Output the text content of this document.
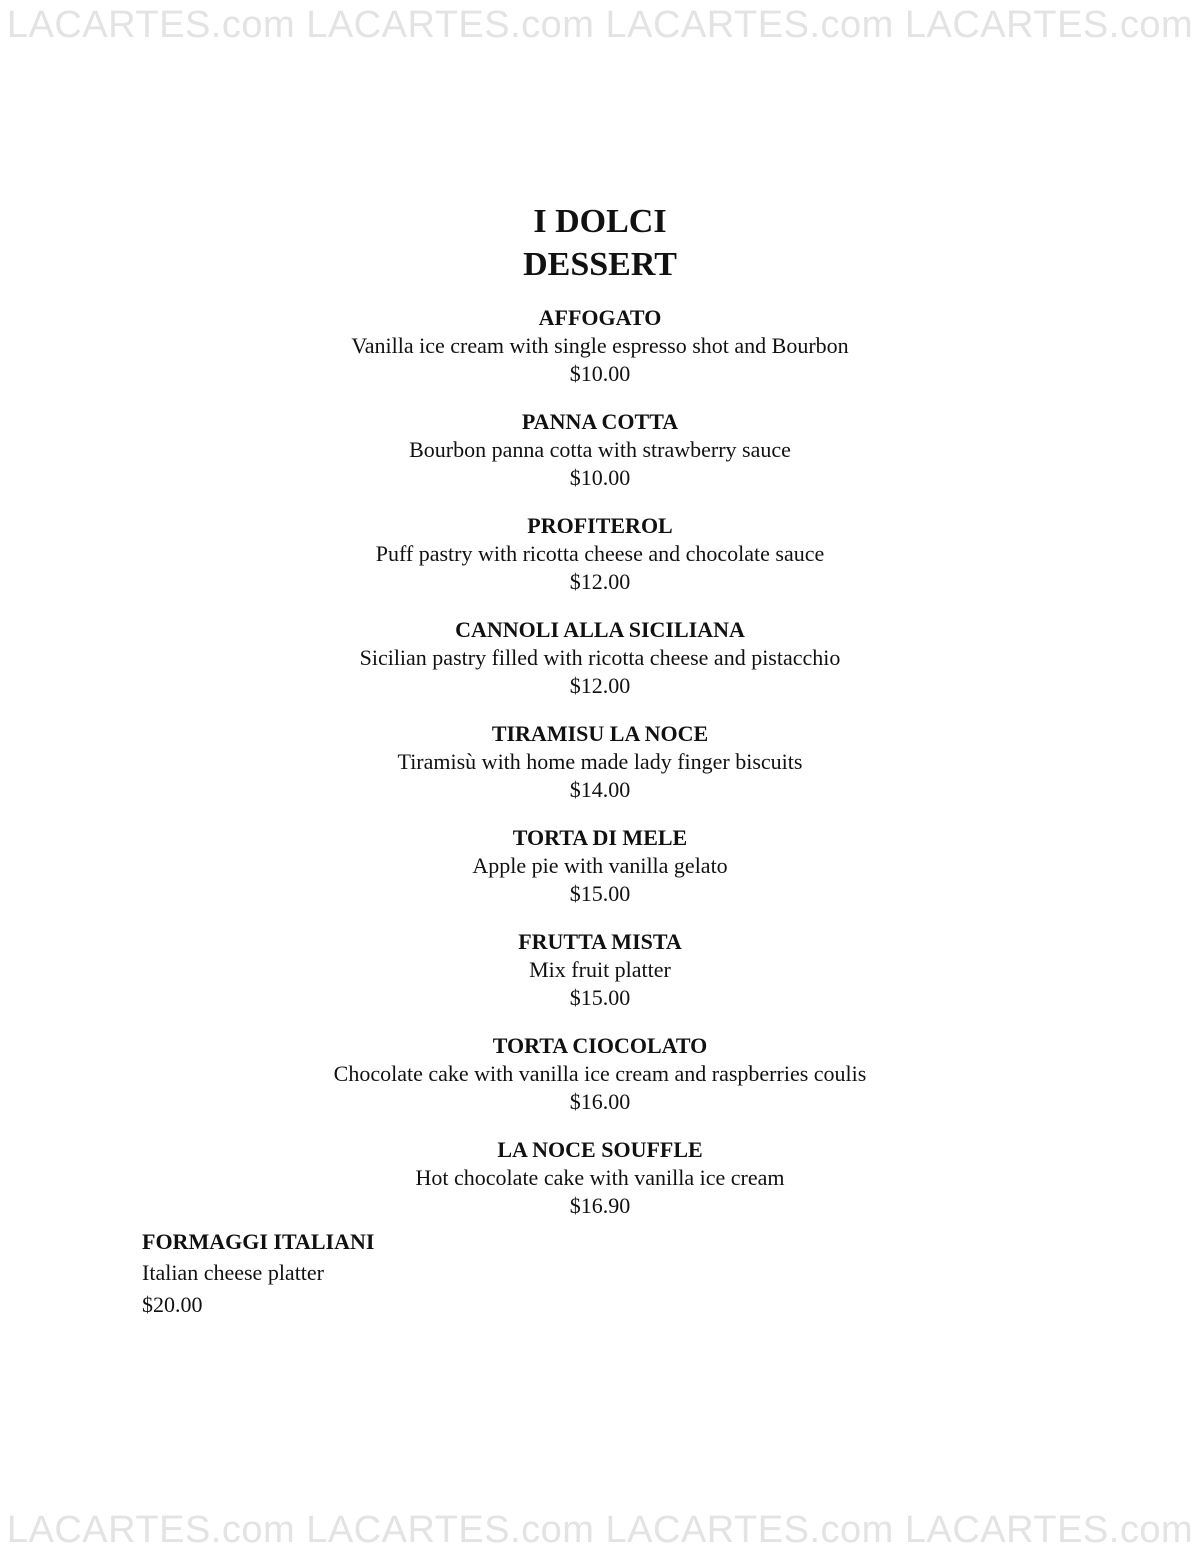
LACARTES.com LACARTES.com LACARTES.com LACARTES.com
I DOLCI
DESSERT
AFFOGATO
Vanilla ice cream with single espresso shot and Bourbon
$10.00
PANNA COTTA
Bourbon panna cotta with strawberry sauce
$10.00
PROFITEROL
Puff pastry with ricotta cheese and chocolate sauce
$12.00
CANNOLI ALLA SICILIANA
Sicilian pastry filled with ricotta cheese and pistacchio
$12.00
TIRAMISU LA NOCE
Tiramisù with home made lady finger biscuits
$14.00
TORTA DI MELE
Apple pie with vanilla gelato
$15.00
FRUTTA MISTA
Mix fruit platter
$15.00
TORTA CIOCOLATO
Chocolate cake with vanilla ice cream and raspberries coulis
$16.00
LA NOCE SOUFFLE
Hot chocolate cake with vanilla ice cream
$16.90
FORMAGGI ITALIANI
Italian cheese platter
$20.00
LACARTES.com LACARTES.com LACARTES.com LACARTES.com
